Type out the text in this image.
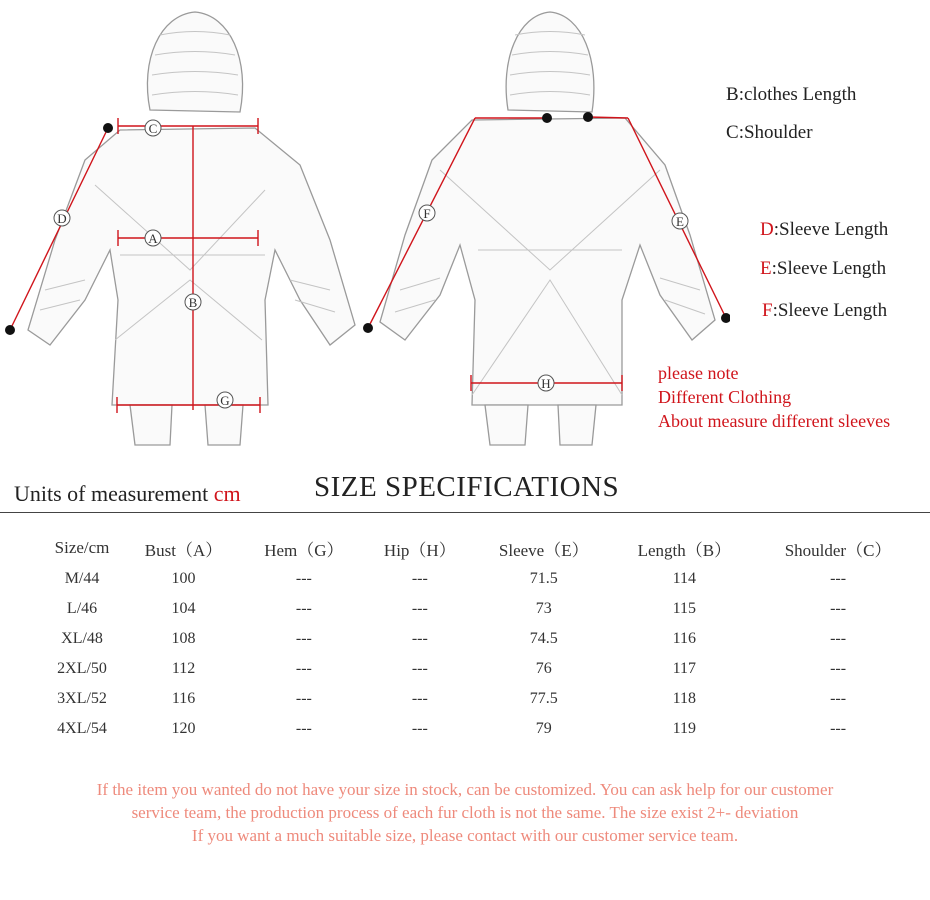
C
D
A
B
G
F
E
H
B:clothes Length
C:Shoulder
D:Sleeve Length
E:Sleeve Length
F:Sleeve Length
please note
Different Clothing
About measure different sleeves
Units of measurement cm	SIZE SPECIFICATIONS
Size/cm	Bust（A）	Hem（G）	Hip（H）	Sleeve（E）	Length（B）	Shoulder（C）
M/44	100	---	---	71.5	114	---
L/46	104	---	---	73	115	---
XL/48	108	---	---	74.5	116	---
2XL/50	112	---	---	76	117	---
3XL/52	116	---	---	77.5	118	---
4XL/54	120	---	---	79	119	---
If the item you wanted do not have your size in stock, can be customized. You can ask help for our customer
service team, the production process of each fur cloth is not the same. The size exist 2+- deviation
If you want a much suitable size, please contact with our customer service team.
